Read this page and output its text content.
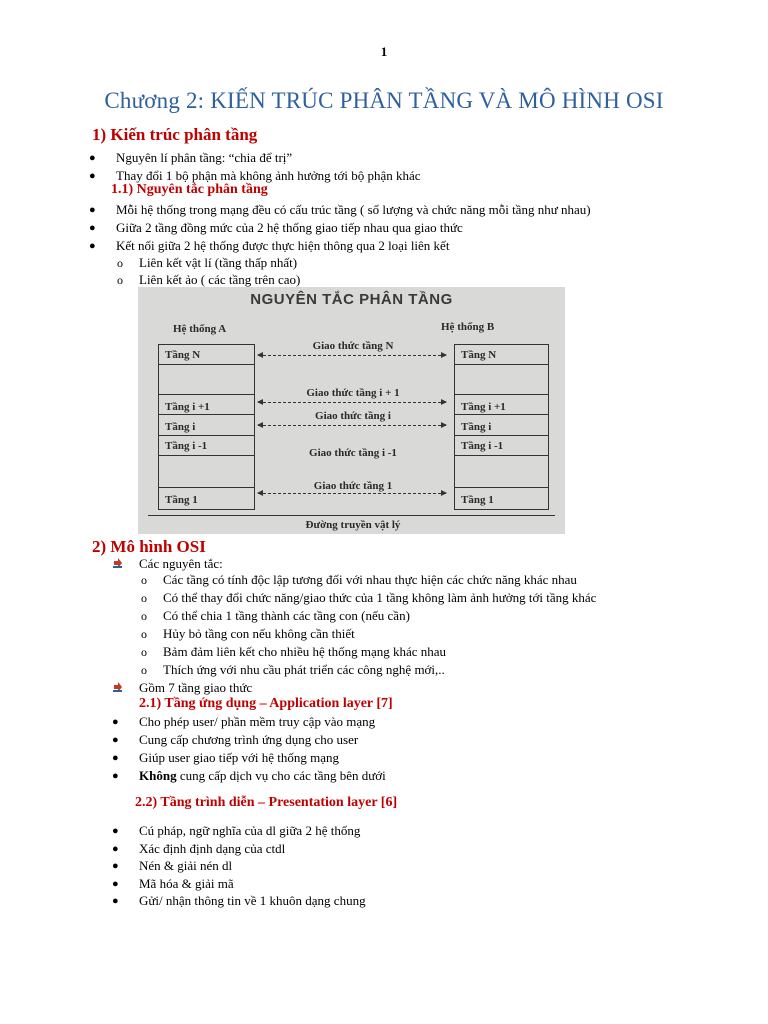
1
Chương 2: KIẾN TRÚC PHÂN TẦNG VÀ MÔ HÌNH OSI
1) Kiến trúc phân tầng
● Nguyên lí phân tầng: “chia để trị”
● Thay đổi 1 bộ phận mà không ảnh hưởng tới bộ phận khác
1.1) Nguyên tắc phân tầng
● Mỗi hệ thống trong mạng đều có cấu trúc tầng ( số lượng và chức năng mỗi tầng như nhau)
● Giữa 2 tầng đồng mức của 2 hệ thống giao tiếp nhau qua giao thức
● Kết nối giữa 2 hệ thống được thực hiện thông qua 2 loại liên kết
o Liên kết vật lí (tầng thấp nhất)
o Liên kết ảo ( các tầng trên cao)
NGUYÊN TẮC PHÂN TẦNG
Hệ thống A	Hệ thống B
Tầng N
Tầng i +1
Tầng i
Tầng i -1
Tầng 1
Tầng N
Tầng i +1
Tầng i
Tầng i -1
Tầng 1
Giao thức tầng N
Giao thức tầng i + 1
Giao thức tầng i
Giao thức tầng i -1
Giao thức tầng 1
Đường truyền vật lý
2) Mô hình OSI
Các nguyên tắc:
o Các tầng có tính độc lập tương đối với nhau thực hiện các chức năng khác nhau
o Có thể thay đổi chức năng/giao thức của 1 tầng không làm ảnh hưởng tới tầng khác
o Có thể chia 1 tầng thành các tầng con (nếu cần)
o Hủy bỏ tầng con nếu không cần thiết
o Bảm đảm liên kết cho nhiều hệ thống mạng khác nhau
o Thích ứng với nhu cầu phát triển các công nghệ mới,..
Gồm 7 tầng giao thức
2.1) Tầng ứng dụng – Application layer [7]
● Cho phép user/ phần mềm truy cập vào mạng
● Cung cấp chương trình ứng dụng cho user
● Giúp user giao tiếp với hệ thống mạng
● Không cung cấp dịch vụ cho các tầng bên dưới
2.2) Tầng trình diễn – Presentation layer [6]
● Cú pháp, ngữ nghĩa của dl giữa 2 hệ thống
● Xác định định dạng của ctdl
● Nén & giải nén dl
● Mã hóa & giải mã
● Gửi/ nhận thông tin về 1 khuôn dạng chung
